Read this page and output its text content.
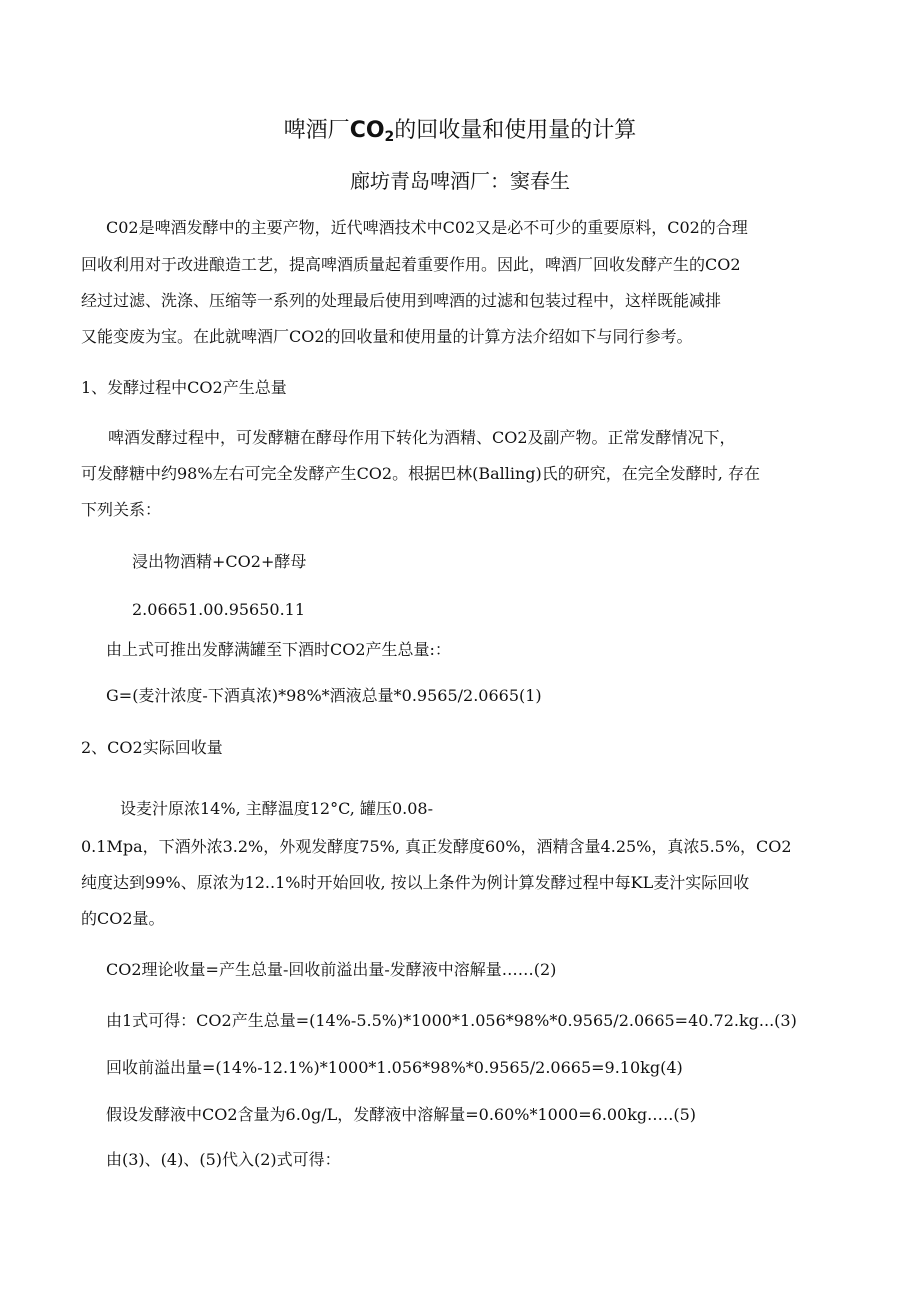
啤酒厂$CO_2$的回收量和使用量的计算
廊坊青岛啤酒厂：窦春生
C02是啤酒发酵中的主要产物，近代啤酒技术中C02又是必不可少的重要原料，C02的合理
回收利用对于改进酿造工艺，提高啤酒质量起着重要作用。因此，啤酒厂回收发酵产生的CO2
经过过滤、洗涤、压缩等一系列的处理最后使用到啤酒的过滤和包装过程中，这样既能减排
又能变废为宝。在此就啤酒厂CO2的回收量和使用量的计算方法介绍如下与同行参考。
1、发酵过程中CO2产生总量
啤酒发酵过程中，可发酵糖在酵母作用下转化为酒精、CO2及副产物。正常发酵情况下，
可发酵糖中约98%左右可完全发酵产生CO2。根据巴林(Balling)氏的研究，在完全发酵时, 存在
下列关系：
浸出物酒精+CO2+酵母
2.06651.00.95650.11
由上式可推出发酵满罐至下酒时CO2产生总量:：
G=(麦汁浓度-下酒真浓)*98%*酒液总量*0.9565/2.0665(1)
2、CO2实际回收量
设麦汁原浓14%, 主酵温度12°C, 罐压0.08-
0.1Mpa，下酒外浓3.2%，外观发酵度75%, 真正发酵度60%，酒精含量4.25%，真浓5.5%，CO2
纯度达到99%、原浓为12..1%时开始回收, 按以上条件为例计算发酵过程中每KL麦汁实际回收
的CO2量。
CO2理论收量=产生总量-回收前溢出量-发酵液中溶解量……(2)
由1式可得：CO2产生总量=(14%-5.5%)*1000*1.056*98%*0.9565/2.0665=40.72.kg...(3)
回收前溢出量=(14%-12.1%)*1000*1.056*98%*0.9565/2.0665=9.10kg(4)
假设发酵液中CO2含量为6.0g/L，发酵液中溶解量=0.60%*1000=6.00kg.….(5)
由(3)、(4)、(5)代入(2)式可得：
